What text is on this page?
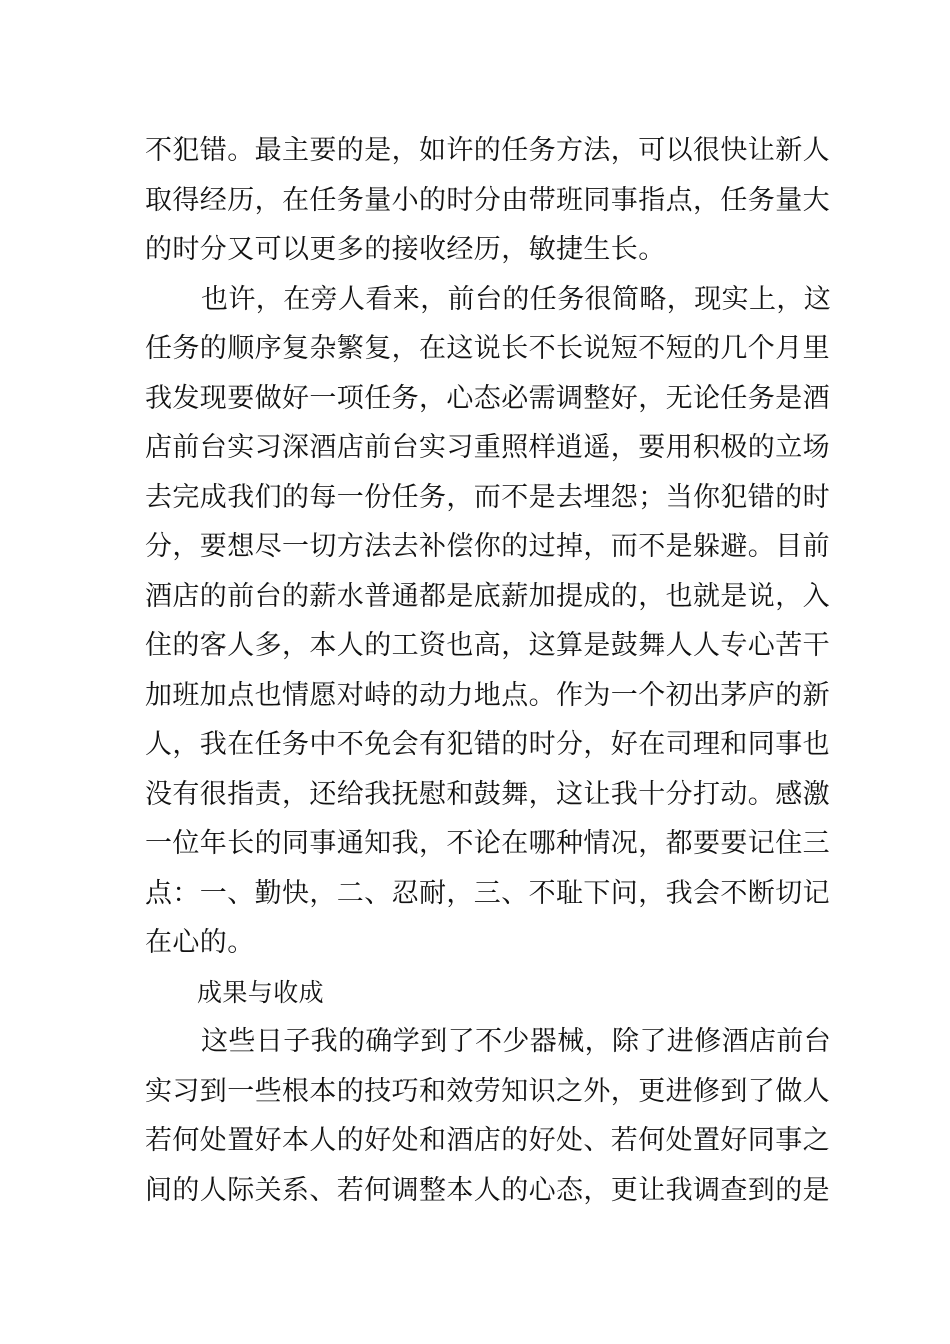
不犯错。最主要的是，如许的任务方法，可以很快让新人
取得经历，在任务量小的时分由带班同事指点，任务量大
的时分又可以更多的接收经历，敏捷生长。
也许，在旁人看来，前台的任务很简略，现实上，这
任务的顺序复杂繁复，在这说长不长说短不短的几个月里
我发现要做好一项任务，心态必需调整好，无论任务是酒
店前台实习深酒店前台实习重照样逍遥，要用积极的立场
去完成我们的每一份任务，而不是去埋怨；当你犯错的时
分，要想尽一切方法去补偿你的过掉，而不是躲避。目前
酒店的前台的薪水普通都是底薪加提成的，也就是说，入
住的客人多，本人的工资也高，这算是鼓舞人人专心苦干
加班加点也情愿对峙的动力地点。作为一个初出茅庐的新
人，我在任务中不免会有犯错的时分，好在司理和同事也
没有很指责，还给我抚慰和鼓舞，这让我十分打动。感激
一位年长的同事通知我，不论在哪种情况，都要要记住三
点：一、勤快，二、忍耐，三、不耻下问，我会不断切记
在心的。
成果与收成
这些日子我的确学到了不少器械，除了进修酒店前台
实习到一些根本的技巧和效劳知识之外，更进修到了做人
若何处置好本人的好处和酒店的好处、若何处置好同事之
间的人际关系、若何调整本人的心态，更让我调查到的是
